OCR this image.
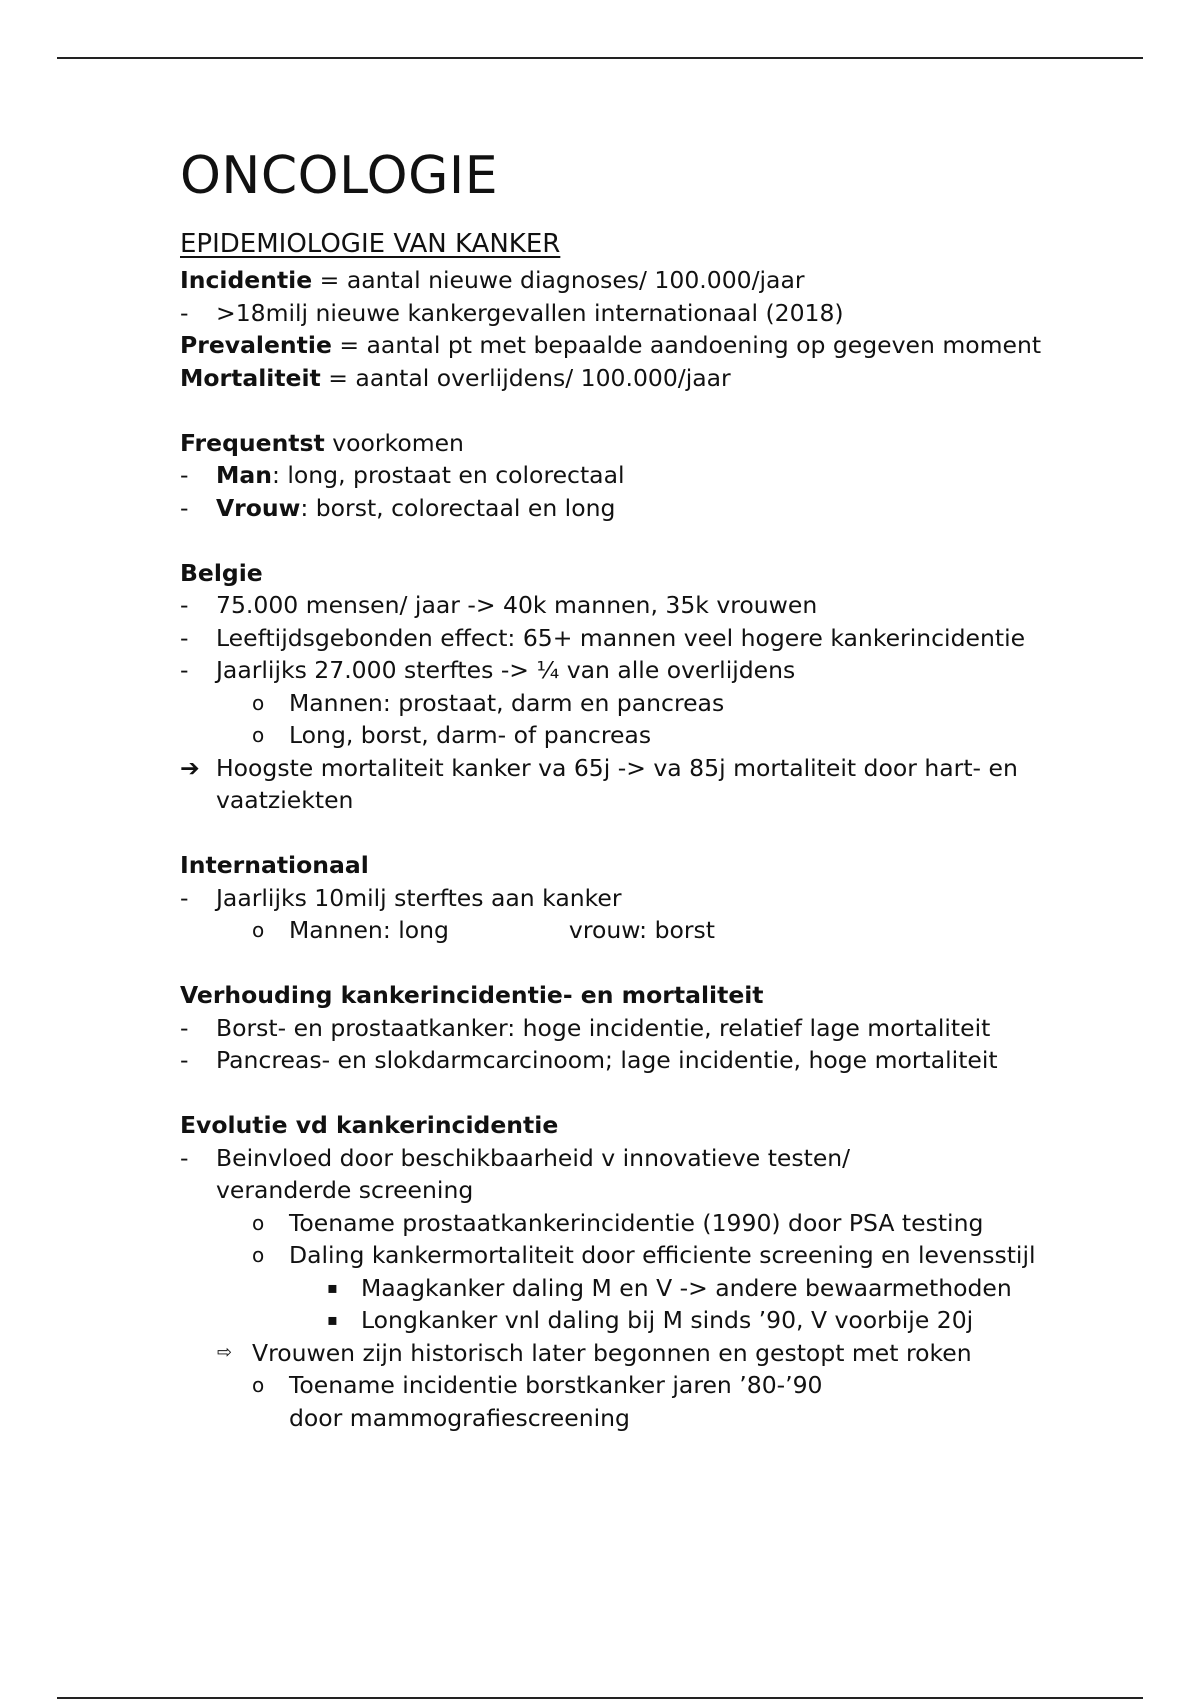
ONCOLOGIE
EPIDEMIOLOGIE VAN KANKER
Incidentie = aantal nieuwe diagnoses/ 100.000/jaar
- >18milj nieuwe kankergevallen internationaal (2018)
Prevalentie = aantal pt met bepaalde aandoening op gegeven moment
Mortaliteit = aantal overlijdens/ 100.000/jaar
Frequentst voorkomen
- Man: long, prostaat en colorectaal
- Vrouw: borst, colorectaal en long
Belgie
- 75.000 mensen/ jaar -> 40k mannen, 35k vrouwen
- Leeftijdsgebonden effect: 65+ mannen veel hogere kankerincidentie
- Jaarlijks 27.000 sterftes -> ¼ van alle overlijdens
o Mannen: prostaat, darm en pancreas
o Long, borst, darm- of pancreas
➔ Hoogste mortaliteit kanker va 65j -> va 85j mortaliteit door hart- en vaatziekten
Internationaal
- Jaarlijks 10milj sterftes aan kanker
o Mannen: long	vrouw: borst
Verhouding kankerincidentie- en mortaliteit
- Borst- en prostaatkanker: hoge incidentie, relatief lage mortaliteit
- Pancreas- en slokdarmcarcinoom; lage incidentie, hoge mortaliteit
Evolutie vd kankerincidentie
- Beinvloed door beschikbaarheid v innovatieve testen/ veranderde screening
o Toename prostaatkankerincidentie (1990) door PSA testing
o Daling kankermortaliteit door efficiente screening en levensstijl
▪ Maagkanker daling M en V -> andere bewaarmethoden
▪ Longkanker vnl daling bij M sinds ’90, V voorbije 20j
⇨ Vrouwen zijn historisch later begonnen en gestopt met roken
o Toename incidentie borstkanker jaren ’80-’90 door mammografiescreening
